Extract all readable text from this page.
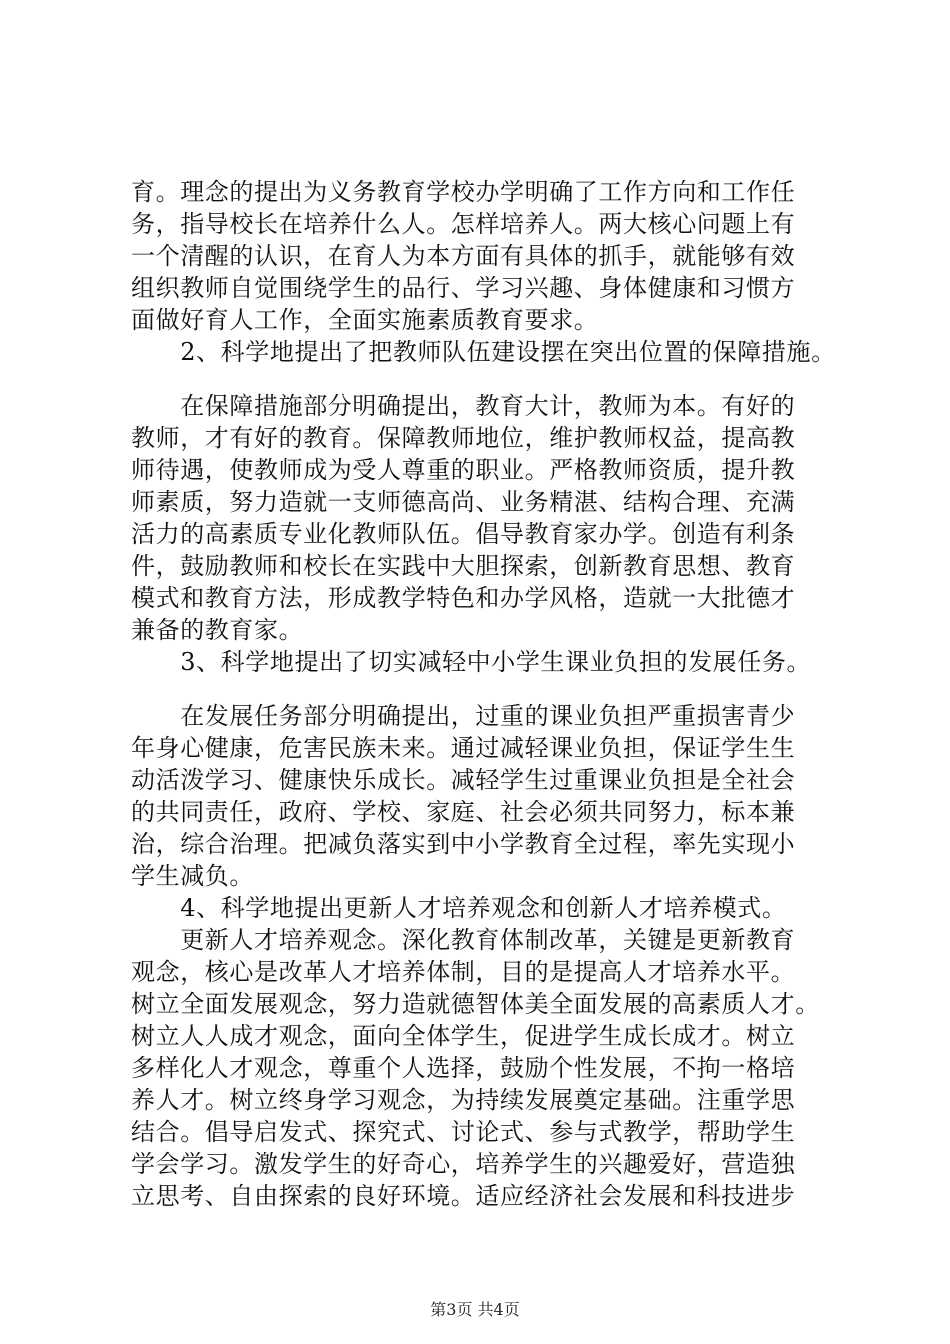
育。理念的提出为义务教育学校办学明确了工作方向和工作任
务，指导校长在培养什么人。怎样培养人。两大核心问题上有
一个清醒的认识，在育人为本方面有具体的抓手，就能够有效
组织教师自觉围绕学生的品行、学习兴趣、身体健康和习惯方
面做好育人工作，全面实施素质教育要求。
　　2、科学地提出了把教师队伍建设摆在突出位置的保障措施。
　　在保障措施部分明确提出，教育大计，教师为本。有好的
教师，才有好的教育。保障教师地位，维护教师权益，提高教
师待遇，使教师成为受人尊重的职业。严格教师资质，提升教
师素质，努力造就一支师德高尚、业务精湛、结构合理、充满
活力的高素质专业化教师队伍。倡导教育家办学。创造有利条
件，鼓励教师和校长在实践中大胆探索，创新教育思想、教育
模式和教育方法，形成教学特色和办学风格，造就一大批德才
兼备的教育家。
　　3、科学地提出了切实减轻中小学生课业负担的发展任务。
　　在发展任务部分明确提出，过重的课业负担严重损害青少
年身心健康，危害民族未来。通过减轻课业负担，保证学生生
动活泼学习、健康快乐成长。减轻学生过重课业负担是全社会
的共同责任，政府、学校、家庭、社会必须共同努力，标本兼
治，综合治理。把减负落实到中小学教育全过程，率先实现小
学生减负。
　　4、科学地提出更新人才培养观念和创新人才培养模式。
　　更新人才培养观念。深化教育体制改革，关键是更新教育
观念，核心是改革人才培养体制，目的是提高人才培养水平。
树立全面发展观念，努力造就德智体美全面发展的高素质人才。
树立人人成才观念，面向全体学生，促进学生成长成才。树立
多样化人才观念，尊重个人选择，鼓励个性发展，不拘一格培
养人才。树立终身学习观念，为持续发展奠定基础。注重学思
结合。倡导启发式、探究式、讨论式、参与式教学，帮助学生
学会学习。激发学生的好奇心，培养学生的兴趣爱好，营造独
立思考、自由探索的良好环境。适应经济社会发展和科技进步
第3页 共4页
